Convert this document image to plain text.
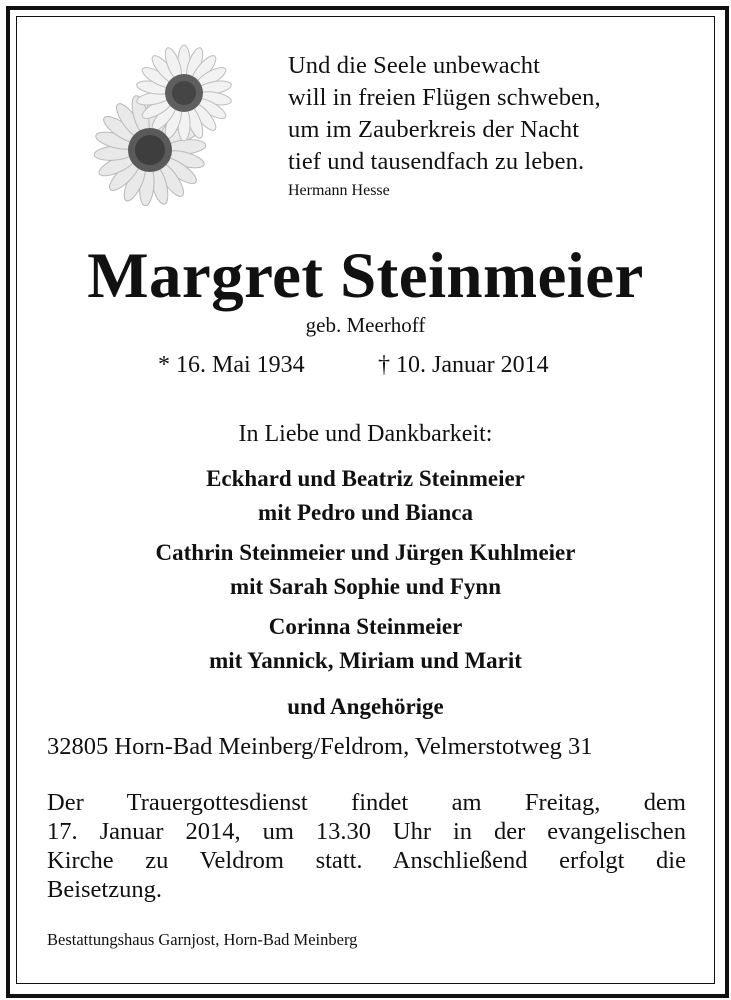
Und die Seele unbewacht
will in freien Flügen schweben,
um im Zauberkreis der Nacht
tief und tausendfach zu leben.
Hermann Hesse
Margret Steinmeier
geb. Meerhoff
* 16. Mai 1934	† 10. Januar 2014
In Liebe und Dankbarkeit:
Eckhard und Beatriz Steinmeier
mit Pedro und Bianca
Cathrin Steinmeier und Jürgen Kuhlmeier
mit Sarah Sophie und Fynn
Corinna Steinmeier
mit Yannick, Miriam und Marit
und Angehörige
32805 Horn-Bad Meinberg/Feldrom, Velmerstotweg 31
Der Trauergottesdienst findet am Freitag, dem
17. Januar 2014, um 13.30 Uhr in der evangelischen
Kirche zu Veldrom statt. Anschließend erfolgt die
Beisetzung.
Bestattungshaus Garnjost, Horn-Bad Meinberg
